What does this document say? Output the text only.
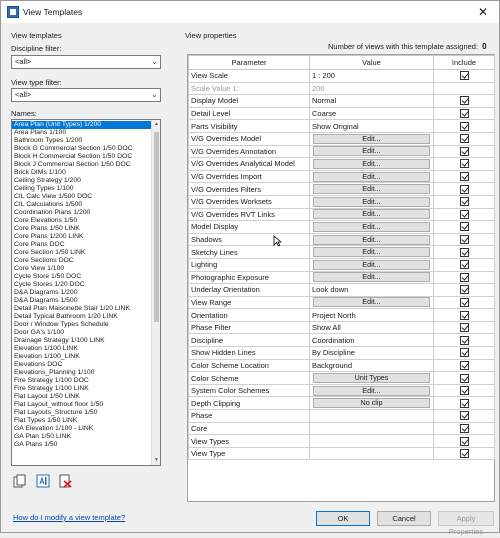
View Templates	✕
View templates
Discipline filter:
<all>	⌄
View type filter:
<all>	⌄
Names:
Area Plan (Unit Types) 1/200
Area Plans 1/100
Bathroom Types 1/200
Block G Commercial Section 1/50 DOC
Block H Commercial Section 1/50 DOC
Block J Commercial Section 1/50 DOC
Brick DIMs 1/100
Ceiling Strategy 1/200
Ceiling Types 1/100
CIL Calc View 1/500 DOC
CIL Calculations 1/500
Coordination Plans 1/200
Core Elevations 1/50
Core Plans 1/50 LINK
Core Plans 1/200 LINK
Core Plans DOC
Core Section 1/50 LINK
Core Sections DOC
Core View 1/100
Cycle Store 1/50 DOC
Cycle Stores 1/20 DOC
D&A Diagrams 1/200
D&A Diagrams 1/500
Detail Plan Maisonette Stair 1/20 LINK
Detail Typical Bathroom 1/20 LINK
Door / Window Types Schedule
Door GA's 1/100
Drainage Strategy 1/100 LINK
Elevation 1/100 LINK
Elevation 1/100_LINK
Elevations DOC
Elevations_Planning 1/100
Fire Strategy 1/100 DOC
Fire Strategy 1/100 LINK
Flat Layout 1/50 LINK
Flat Layout_without floor 1/50
Flat Layouts_Structure 1/50
Flat Types 1/50 LINK
GA Elevation 1/100 - LINK
GA Plan 1/50 LINK
GA Plans 1/50
▲
▼
View properties
Number of views with this template assigned: 0
Parameter	Value	Include
View Scale	1 : 200	

Scale Value 1:	200	
Display Model	Normal	

Detail Level	Coarse	

Parts Visibility	Show Original	

V/G Overrides Model	Edit...	

V/G Overrides Annotation	Edit...	

V/G Overrides Analytical Model	Edit...	

V/G Overrides Import	Edit...	

V/G Overrides Filters	Edit...	

V/G Overrides Worksets	Edit...	

V/G Overrides RVT Links	Edit...	

Model Display	Edit...	

Shadows	Edit...	

Sketchy Lines	Edit...	

Lighting	Edit...	

Photographic Exposure	Edit...	

Underlay Orientation	Look down	

View Range	Edit...	

Orientation	Project North	

Phase Filter	Show All	

Discipline	Coordination	

Show Hidden Lines	By Discipline	

Color Scheme Location	Background	

Color Scheme	Unit Types	

System Color Schemes	Edit...	

Depth Clipping	No clip	

Phase		

Core		

View Types		

View Type		
How do I modify a view template?	OK	Cancel	Apply Properties
